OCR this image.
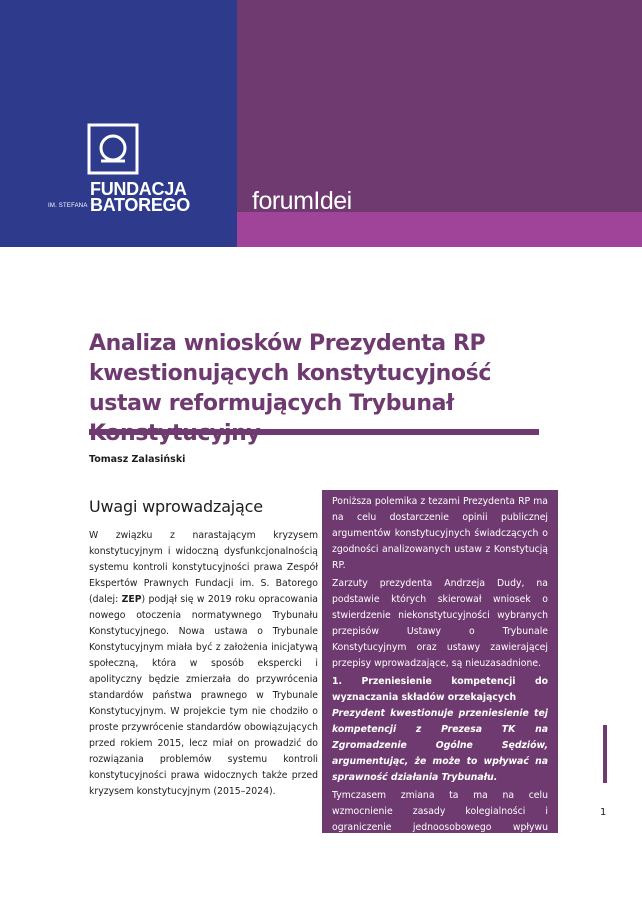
IM. STEFANA
FUNDACJA
BATOREGO forumIdei
Analiza wniosków Prezydenta RP kwestionujących konstytucyjność ustaw reformujących Trybunał
Tomasz Zalasiński
Uwagi wprowadzające
W związku z narastającym kryzysem konstytucyjnym i widoczną dysfunkcjonalnością systemu kontroli konstytucyjności prawa Zespół Ekspertów Prawnych Fundacji im. S. Batorego (dalej: ZEP) podjął się w 2019 roku opracowania nowego otoczenia normatywnego Trybunału Konstytucyjnego. Nowa ustawa o Trybunale Konstytucyjnym miała być z założenia inicjatywą społeczną, która w sposób ekspercki i apolityczny będzie zmierzała do przywrócenia standardów państwa prawnego w Trybunale Konstytucyjnym. W projekcie tym nie chodziło o proste przywrócenie standardów obowiązujących przed rokiem 2015, lecz miał on prowadzić do rozwiązania problemów systemu kontroli konstytucyjności prawa widocznych także przed kryzysem konstytucyjnym (2015–2024).

Poniższa polemika z tezami Prezydenta RP ma na celu dostarczenie opinii publicznej argumentów konstytucyjnych świadczących o zgodności analizowanych ustaw z Konstytucją RP.

Zarzuty prezydenta Andrzeja Dudy, na podstawie których skierował wniosek o stwierdzenie niekonstytucyjności wybranych przepisów Ustawy o Trybunale Konstytucyjnym oraz ustawy zawierającej przepisy wprowadzające, są nieuzasadnione.

1. Przeniesienie kompetencji do wyznaczania składów orzekających

Prezydent kwestionuje przeniesienie tej kompetencji z Prezesa TK na Zgromadzenie Ogólne Sędziów, argumentując, że może to wpływać na sprawność działania Trybunału.

Tymczasem zmiana ta ma na celu wzmocnienie zasady kolegialności i ograniczenie jednoosobowego wpływu Prezesa na działalność orzeczniczą, co jest zgodne z dążeniem do

1
